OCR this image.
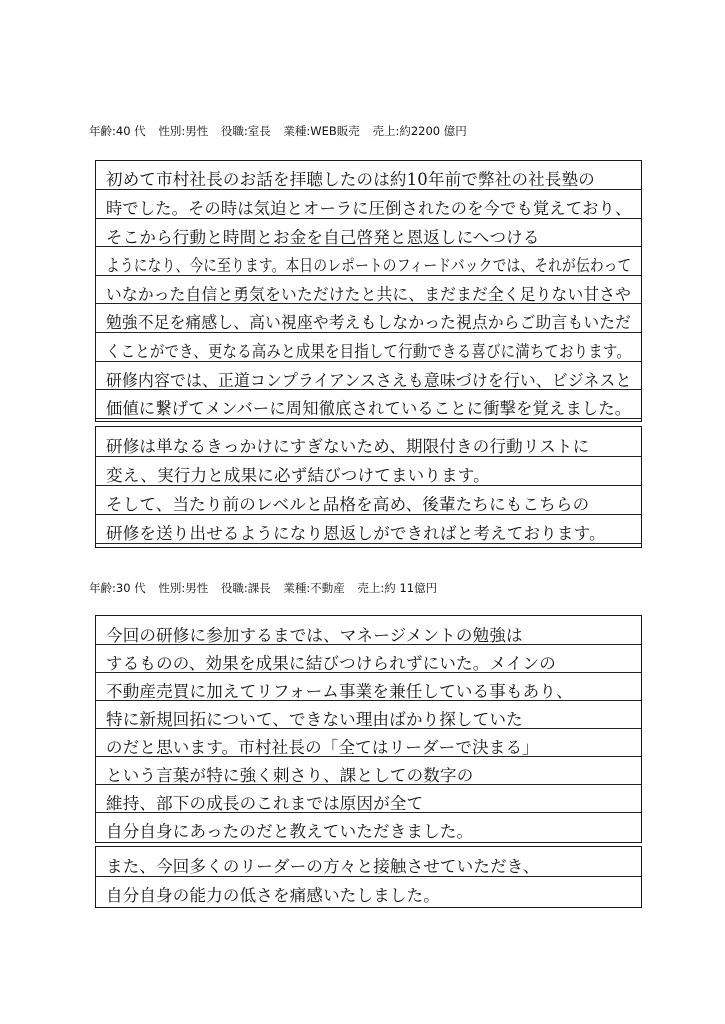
年齢:40 代 性別:男性 役職:室長 業種:WEB販売 売上:約2200 億円
初めて市村社長のお話を拝聴したのは約10年前で弊社の社長塾の
時でした。その時は気迫とオーラに圧倒されたのを今でも覚えており、
そこから行動と時間とお金を自己啓発と恩返しにへつける
ようになり、今に至ります。本日のレポートのフィードバックでは、それが伝わって
いなかった自信と勇気をいただけたと共に、まだまだ全く足りない甘さや
勉強不足を痛感し、高い視座や考えもしなかった視点からご助言もいただ
くことができ、更なる高みと成果を目指して行動できる喜びに満ちております。
研修内容では、正道コンプライアンスさえも意味づけを行い、ビジネスと
価値に繋げてメンバーに周知徹底されていることに衝撃を覚えました。
研修は単なるきっかけにすぎないため、期限付きの行動リストに
変え、実行力と成果に必ず結びつけてまいります。
そして、当たり前のレベルと品格を高め、後輩たちにもこちらの
研修を送り出せるようになり恩返しができればと考えております。
年齢:30 代 性別:男性 役職:課長 業種:不動産 売上:約 11億円
今回の研修に参加するまでは、マネージメントの勉強は
するものの、効果を成果に結びつけられずにいた。メインの
不動産売買に加えてリフォーム事業を兼任している事もあり、
特に新規回拓について、できない理由ばかり探していた
のだと思います。市村社長の「全てはリーダーで決まる」
という言葉が特に強く刺さり、課としての数字の
維持、部下の成長のこれまでは原因が全て
自分自身にあったのだと教えていただきました。
また、今回多くのリーダーの方々と接触させていただき、
自分自身の能力の低さを痛感いたしました。
